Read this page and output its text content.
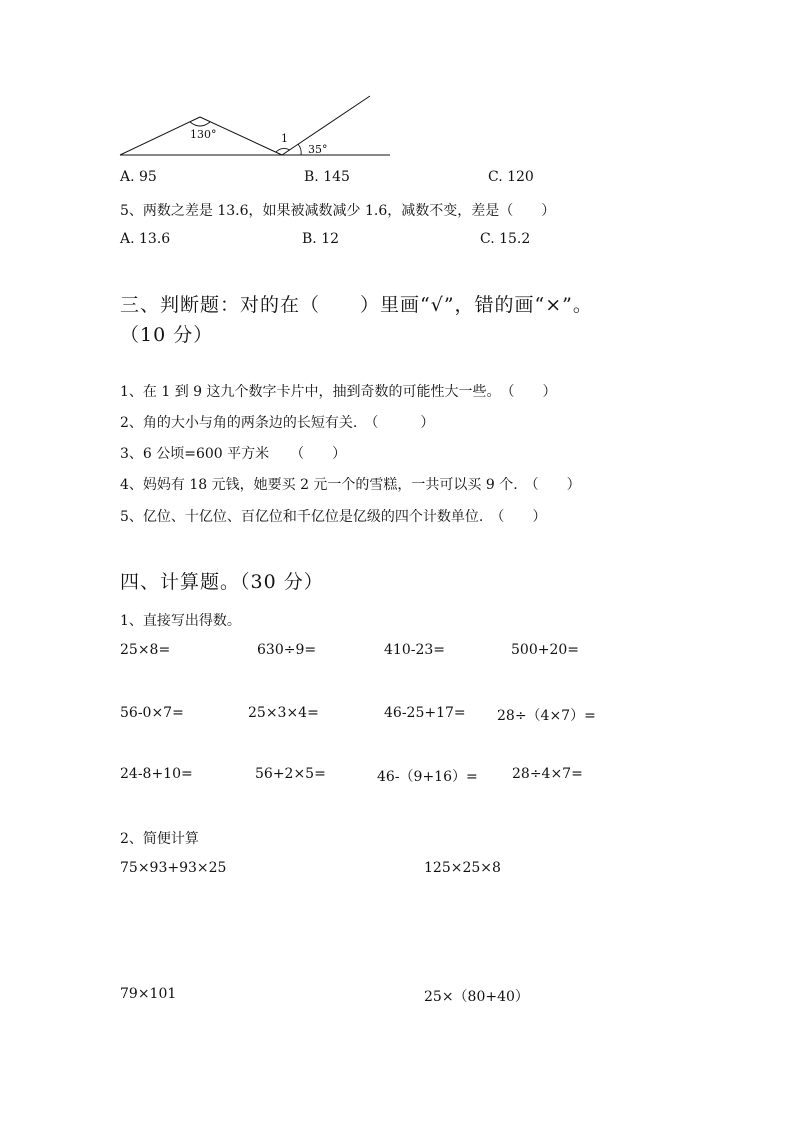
130°	1
35°
A. 95	B. 145	C. 120
5、两数之差是 13.6，如果被减数减少 1.6，减数不变，差是（　　）
A. 13.6	B. 12	C. 15.2
三、判断题：对的在（　　）里画“√”，错的画“×”。
（10 分）
1、在 1 到 9 这九个数字卡片中，抽到奇数的可能性大一些。　（　　）
2、角的大小与角的两条边的长短有关.　（　　　）
3、6 公顷=600 平方米　　（　　）
4、妈妈有 18 元钱，她要买 2 元一个的雪糕，一共可以买 9 个.　（　　）
5、亿位、十亿位、百亿位和千亿位是亿级的四个计数单位.　（　　）
四、计算题。（30 分）
1、直接写出得数。
25×8=	630÷9=	410-23=	500+20=
56-0×7=	25×3×4=	46-25+17= 28÷（4×7）=
24-8+10=	56+2×5=	46-（9+16）= 28÷4×7=
2、简便计算
75×93+93×25	125×25×8
79×101	25×（80+40）
